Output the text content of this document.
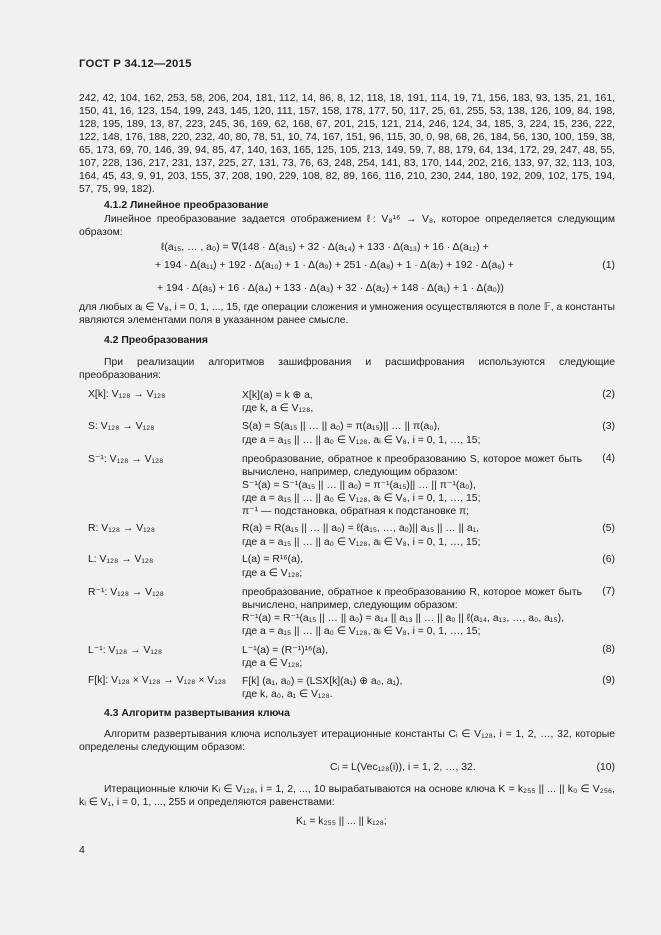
ГОСТ Р 34.12—2015
242, 42, 104, 162, 253, 58, 206, 204, 181, 112, 14, 86, 8, 12, 118, 18, 191, 114, 19, 71, 156, 183, 93, 135, 21, 161, 150, 41, 16, 123, 154, 199, 243, 145, 120, 111, 157, 158, 178, 177, 50, 117, 25, 61, 255, 53, 138, 126, 109, 84, 198, 128, 195, 189, 13, 87, 223, 245, 36, 169, 62, 168, 67, 201, 215, 121, 214, 246, 124, 34, 185, 3, 224, 15, 236, 222, 122, 148, 176, 188, 220, 232, 40, 80, 78, 51, 10, 74, 167, 151, 96, 115, 30, 0, 98, 68, 26, 184, 56, 130, 100, 159, 38, 65, 173, 69, 70, 146, 39, 94, 85, 47, 140, 163, 165, 125, 105, 213, 149, 59, 7, 88, 179, 64, 134, 172, 29, 247, 48, 55, 107, 228, 136, 217, 231, 137, 225, 27, 131, 73, 76, 63, 248, 254, 141, 83, 170, 144, 202, 216, 133, 97, 32, 113, 103, 164, 45, 43, 9, 91, 203, 155, 37, 208, 190, 229, 108, 82, 89, 166, 116, 210, 230, 244, 180, 192, 209, 102, 175, 194, 57, 75, 99, 182).
4.1.2 Линейное преобразование
Линейное преобразование задается отображением ℓ: V₈¹⁶ → V₈, которое определяется следующим образом:
ℓ(a₁₅, … , a₀) = ∇(148 · Δ(a₁₅) + 32 · Δ(a₁₄) + 133 · Δ(a₁₃) + 16 · Δ(a₁₂) +
+ 194 · Δ(a₁₁) + 192 · Δ(a₁₀) + 1 · Δ(a₉) + 251 · Δ(a₈) + 1 · Δ(a₇) + 192 · Δ(a₆) +	(1)
+ 194 · Δ(a₅) + 16 · Δ(a₄) + 133 · Δ(a₃) + 32 · Δ(a₂) + 148 · Δ(a₁) + 1 · Δ(a₀))
для любых aᵢ ∈ V₈, i = 0, 1, ..., 15, где операции сложения и умножения осуществляются в поле 𝔽, а константы являются элементами поля в указанном ранее смысле.
4.2 Преобразования
При реализации алгоритмов зашифрования и расшифрования используются следующие преобразования:
X[k]: V₁₂₈ → V₁₂₈	X[k](a) = k ⊕ a,
где k, a ∈ V₁₂₈,
(2)
S: V₁₂₈ → V₁₂₈	S(a) = S(a₁₅ || … || a₀) = π(a₁₅)|| … || π(a₀),
где a = a₁₅ || … || a₀ ∈ V₁₂₈, aᵢ ∈ V₈, i = 0, 1, …, 15;
(3)
S⁻¹: V₁₂₈ → V₁₂₈	преобразование, обратное к преобразованию S, которое может быть вычислено, например, следующим образом:
S⁻¹(a) = S⁻¹(a₁₅ || … || a₀) = π⁻¹(a₁₅)|| … || π⁻¹(a₀),
где a = a₁₅ || … || a₀ ∈ V₁₂₈, aᵢ ∈ V₈, i = 0, 1, …, 15;
π⁻¹ — подстановка, обратная к подстановке π;
(4)
R: V₁₂₈ → V₁₂₈	R(a) = R(a₁₅ || … || a₀) = ℓ(a₁₅, …, a₀)|| a₁₅ || … || a₁,
где a = a₁₅ || … || a₀ ∈ V₁₂₈, aᵢ ∈ V₈, i = 0, 1, …, 15;
(5)
L: V₁₂₈ → V₁₂₈	L(a) = R¹⁶(a),
где a ∈ V₁₂₈;
(6)
R⁻¹: V₁₂₈ → V₁₂₈	преобразование, обратное к преобразованию R, которое может быть вычислено, например, следующим образом:
R⁻¹(a) = R⁻¹(a₁₅ || … || a₀) = a₁₄ || a₁₃ || … || a₀ || ℓ(a₁₄, a₁₃, …, a₀, a₁₅),
где a = a₁₅ || … || a₀ ∈ V₁₂₈, aᵢ ∈ V₈, i = 0, 1, …, 15;
(7)
L⁻¹: V₁₂₈ → V₁₂₈	L⁻¹(a) = (R⁻¹)¹⁶(a),
где a ∈ V₁₂₈;
(8)
F[k]: V₁₂₈ × V₁₂₈ → V₁₂₈ × V₁₂₈ F[k] (a₁, a₀) = (LSX[k](a₁) ⊕ a₀, a₁),
где k, a₀, a₁ ∈ V₁₂₈.
(9)
4.3 Алгоритм развертывания ключа
Алгоритм развертывания ключа использует итерационные константы Cᵢ ∈ V₁₂₈, i = 1, 2, …, 32, которые определены следующим образом:
Cᵢ = L(Vec₁₂₈(i)), i = 1, 2, …, 32.	(10)
Итерационные ключи Kᵢ ∈ V₁₂₈, i = 1, 2, ..., 10 вырабатываются на основе ключа K = k₂₅₅ || ... || k₀ ∈ V₂₅₆, kᵢ ∈ V₁, i = 0, 1, ..., 255 и определяются равенствами:
K₁ = k₂₅₅ || ... || k₁₂₈;
4
